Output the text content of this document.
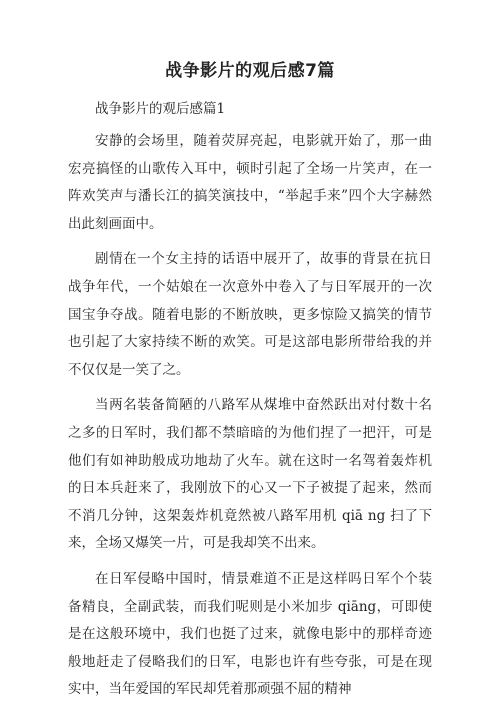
战争影片的观后感7篇
战争影片的观后感篇1

安静的会场里，随着荧屏亮起，电影就开始了，那一曲宏亮搞怪的山歌传入耳中，顿时引起了全场一片笑声，在一阵欢笑声与潘长江的搞笑演技中，“举起手来”四个大字赫然出此刻画面中。

剧情在一个女主持的话语中展开了，故事的背景在抗日战争年代，一个姑娘在一次意外中卷入了与日军展开的一次国宝争夺战。随着电影的不断放映，更多惊险又搞笑的情节也引起了大家持续不断的欢笑。可是这部电影所带给我的并不仅仅是一笑了之。

当两名装备简陋的八路军从煤堆中奋然跃出对付数十名之多的日军时，我们都不禁暗暗的为他们捏了一把汗，可是他们有如神助般成功地劫了火车。就在这时一名驾着轰炸机的日本兵赶来了，我刚放下的心又一下子被提了起来，然而不消几分钟，这架轰炸机竟然被八路军用机 qiā ng 扫了下来，全场又爆笑一片，可是我却笑不出来。

在日军侵略中国时，情景难道不正是这样吗日军个个装备精良，全副武装，而我们呢则是小米加步 qiāng，可即使是在这般环境中，我们也挺了过来，就像电影中的那样奇迹般地赶走了侵略我们的日军，电影也许有些夸张，可是在现实中，当年爱国的军民却凭着那顽强不屈的精神
